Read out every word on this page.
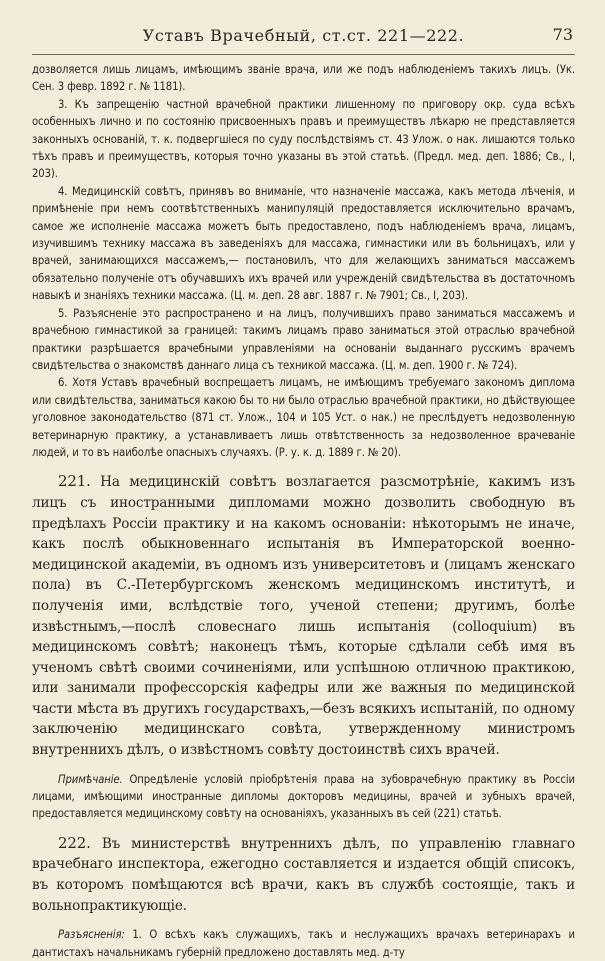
Уставъ Врачебный, ст.ст. 221—222.	73

дозволяется лишь лицамъ, имѣющимъ званіе врача, или же подъ наблюденіемъ такихъ лицъ. (Ук. Сен. 3 февр. 1892 г. № 1181).

3. Къ запрещенію частной врачебной практики лишенному по приговору окр. суда всѣхъ особенныхъ лично и по состоянію присвоенныхъ правъ и преимуществъ лѣкарю не представляется законныхъ основаній, т. к. подвергшіеся по суду послѣдствіямъ ст. 43 Улож. о нак. лишаются только тѣхъ правъ и преимуществъ, которыя точно указаны въ этой статьѣ. (Предл. мед. деп. 1886; Св., I, 203).

4. Медицинскій совѣтъ, принявъ во вниманіе, что назначеніе массажа, какъ метода лѣченія, и примѣненіе при немъ соотвѣтственныхъ манипуляцій предоставляется исключительно врачамъ, самое же исполненіе массажа можетъ быть предоставлено, подъ наблюденіемъ врача, лицамъ, изучившимъ технику массажа въ заведеніяхъ для массажа, гимнастики или въ больницахъ, или у врачей, занимающихся массажемъ,— постановилъ, что для желающихъ заниматься массажемъ обязательно полученіе отъ обучавшихъ ихъ врачей или учрежденій свидѣтельства въ достаточномъ навыкѣ и знаніяхъ техники массажа. (Ц. м. деп. 28 авг. 1887 г. № 7901; Св., I, 203).

5. Разъясненіе это распространено и на лицъ, получившихъ право заниматься массажемъ и врачебною гимнастикой за границей: такимъ лицамъ право заниматься этой отраслью врачебной практики разрѣшается врачебными управленіями на основаніи выданнаго русскимъ врачемъ свидѣтельства о знакомствѣ даннаго лица съ техникой массажа. (Ц. м. деп. 1900 г. № 724).

6. Хотя Уставъ врачебный воспрещаетъ лицамъ, не имѣющимъ требуемаго закономъ диплома или свидѣтельства, заниматься какою бы то ни было отраслью врачебной практики, но дѣйствующее уголовное законодательство (871 ст. Улож., 104 и 105 Уст. о нак.) не преслѣдуетъ недозволенную ветеринарную практику, а устанавливаетъ лишь отвѣтственность за недозволенное врачеваніе людей, и то въ наиболѣе опасныхъ случаяхъ. (Р. у. к. д. 1889 г. № 20).

221. На медицинскій совѣтъ возлагается разсмотрѣніе, какимъ изъ лицъ съ иностранными дипломами можно дозволить свободную въ предѣлахъ Россіи практику и на какомъ основаніи: нѣкоторымъ не иначе, какъ послѣ обыкновеннаго испытанія въ Императорской военно-медицинской академіи, въ одномъ изъ университетовъ и (лицамъ женскаго пола) въ С.-Петербургскомъ женскомъ медицинскомъ институтѣ, и полученія ими, вслѣдствіе того, ученой степени; другимъ, болѣе извѣстнымъ,—послѣ словеснаго лишь испытанія (colloquium) въ медицинскомъ совѣтѣ; наконецъ тѣмъ, которые сдѣлали себѣ имя въ ученомъ свѣтѣ своими сочиненіями, или успѣшною отличною практикою, или занимали профессорскія кафедры или же важныя по медицинской части мѣста въ другихъ государствахъ,—безъ всякихъ испытаній, по одному заключенію медицинскаго совѣта, утвержденному министромъ внутреннихъ дѣлъ, о извѣстномъ совѣту достоинствѣ сихъ врачей.

Примѣчаніе. Опредѣленіе условій пріобрѣтенія права на зубоврачебную практику въ Россіи лицами, имѣющими иностранные дипломы докторовъ медицины, врачей и зубныхъ врачей, предоставляется медицинскому совѣту на основаніяхъ, указанныхъ въ сей (221) статьѣ.

222. Въ министерствѣ внутреннихъ дѣлъ, по управленію главнаго врачебнаго инспектора, ежегодно составляется и издается общій списокъ, въ которомъ помѣщаются всѣ врачи, какъ въ службѣ состоящіе, такъ и вольнопрактикующіе.

Разъясненія: 1. О всѣхъ какъ служащихъ, такъ и неслужащихъ врачахъ ветеринарахъ и дантистахъ начальникамъ губерній предложено доставлять мед. д-ту
